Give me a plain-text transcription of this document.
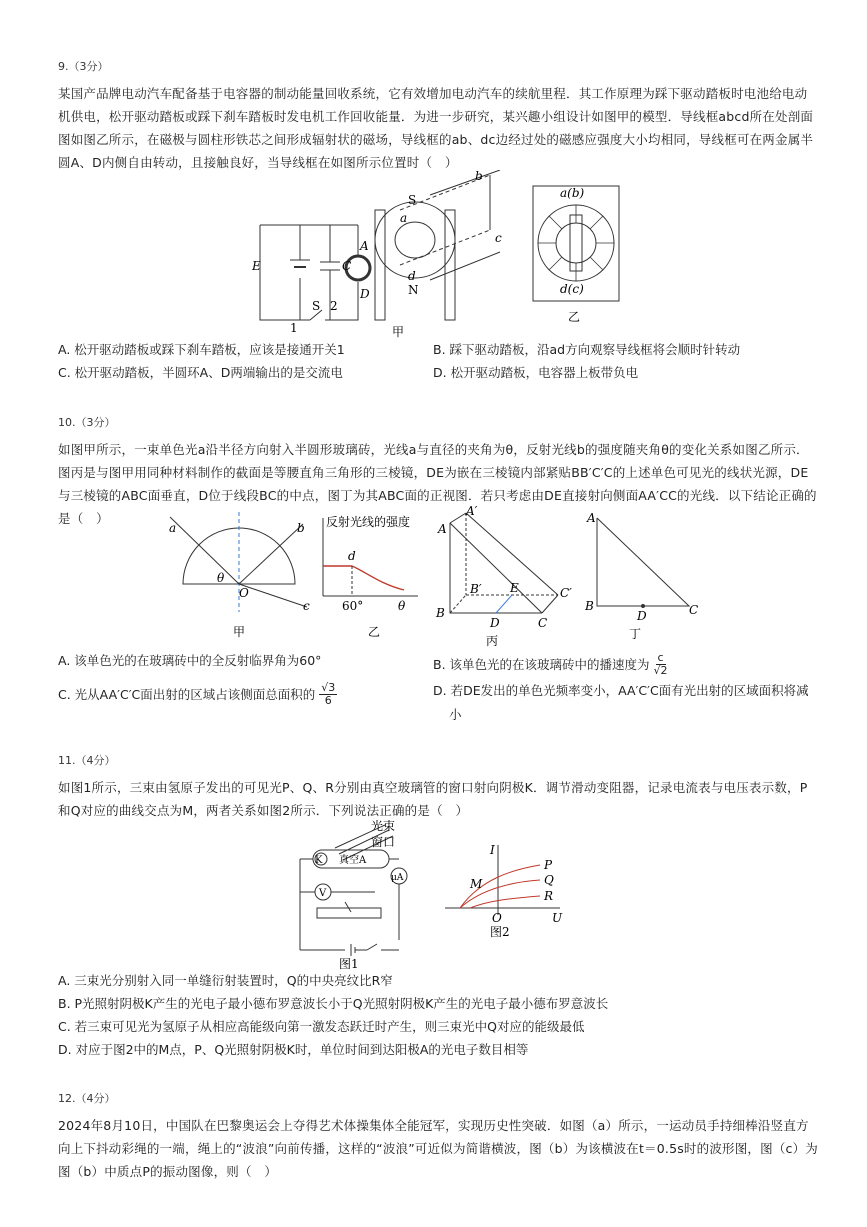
9.（3分）
某国产品牌电动汽车配备基于电容器的制动能量回收系统，它有效增加电动汽车的续航里程．其工作原理为踩下驱动踏板时电池给电动机供电，松开驱动踏板或踩下刹车踏板时发电机工作回收能量．为进一步研究，某兴趣小组设计如图甲的模型．导线框abcd所在处剖面图如图乙所示，在磁极与圆柱形铁芯之间形成辐射状的磁场，导线框的ab、dc边经过处的磁感应强度大小均相同，导线框可在两金属半圆A、D内侧自由转动，且接触良好，当导线框在如图所示位置时（　）
E	C
S
1
2
A
D
a
b
c
d
S
N
甲
a(b)
d(c)
乙
A. 松开驱动踏板或踩下刹车踏板，应该是接通开关1	B. 踩下驱动踏板，沿ad方向观察导线框将会顺时针转动
C. 松开驱动踏板，半圆环A、D两端输出的是交流电	D. 松开驱动踏板，电容器上板带负电
10.（3分）
如图甲所示，一束单色光a沿半径方向射入半圆形玻璃砖，光线a与直径的夹角为θ，反射光线b的强度随夹角θ的变化关系如图乙所示．图丙是与图甲用同种材料制作的截面是等腰直角三角形的三棱镜，DE为嵌在三棱镜内部紧贴BB′C′C的上述单色可见光的线状光源，DE与三棱镜的ABC面垂直，D位于线段BC的中点，图丁为其ABC面的正视图．若只考虑由DE直接射向侧面AA′CC的光线．以下结论正确的是（　）
a	b
c
θ
O
甲
反射光线的强度
d
60°	θ
乙
A′
A
B′ E	C′
B
D	C
丙
A
B
D	C
丁
A. 该单色光的在玻璃砖中的全反射临界角为60°	B. 该单色光的在该玻璃砖中的播速度为 $\frac{c}{√2}$
C. 光从AA′C′C面出射的区域占该侧面总面积的 $\frac{√3}{6}$	D. 若DE发出的单色光频率变小，AA′C′C面有光出射的区域面积将减
小
11.（4分）
如图1所示，三束由氢原子发出的可见光P、Q、R分别由真空玻璃管的窗口射向阴极K．调节滑动变阻器，记录电流表与电压表示数，P和Q对应的曲线交点为M，两者关系如图2所示．下列说法正确的是（　）
光束
窗口
K 真空A
μA
V
图1
I
P
Q
R
M
O	U
图2
A. 三束光分别射入同一单缝衍射装置时，Q的中央亮纹比R窄
B. P光照射阴极K产生的光电子最小德布罗意波长小于Q光照射阴极K产生的光电子最小德布罗意波长
C. 若三束可见光为氢原子从相应高能级向第一激发态跃迁时产生，则三束光中Q对应的能级最低
D. 对应于图2中的M点，P、Q光照射阴极K时，单位时间到达阳极A的光电子数目相等
12.（4分）
2024年8月10日，中国队在巴黎奥运会上夺得艺术体操集体全能冠军，实现历史性突破．如图（a）所示，一运动员手持细棒沿竖直方向上下抖动彩绳的一端，绳上的“波浪”向前传播，这样的“波浪”可近似为简谐横波，图（b）为该横波在t＝0.5s时的波形图，图（c）为图（b）中质点P的振动图像，则（　）
